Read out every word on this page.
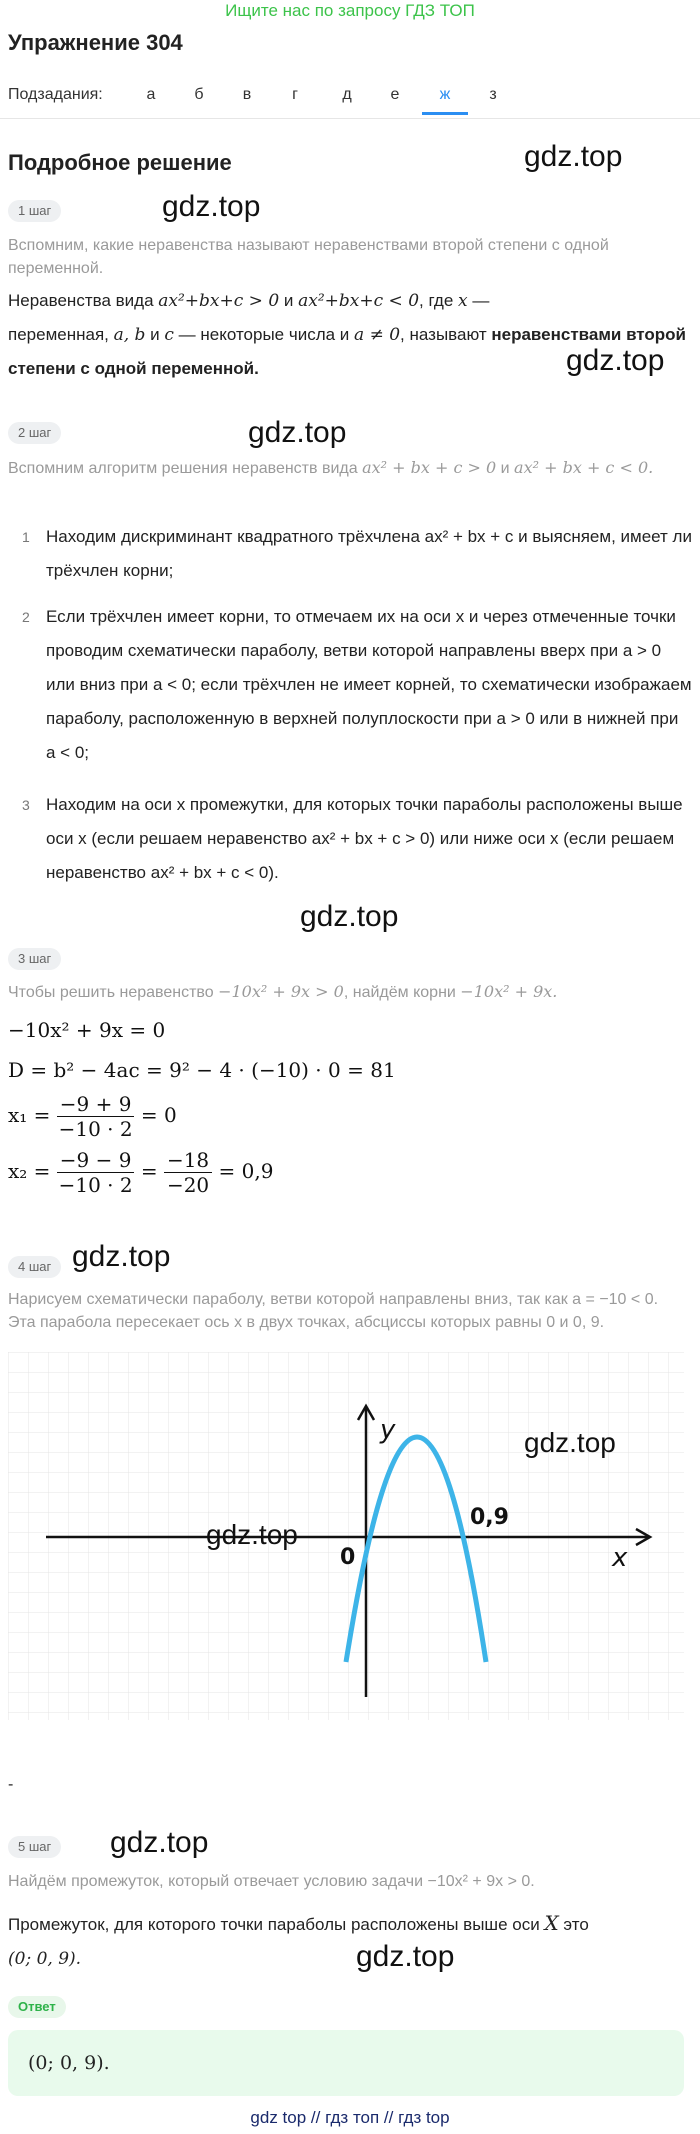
Ищите нас по запросу ГДЗ ТОП
Упражнение 304
Подзадания:	а	б	в	г	д	е	ж	з
Подробное решение	gdz.top
1 шаг	gdz.top
Вспомним, какие неравенства называют неравенствами второй степени с одной переменной.
Неравенства вида ax²+bx+c > 0 и ax²+bx+c < 0, где x —
переменная, a, b и c — некоторые числа и a ≠ 0, называют неравенствами второй степени с одной переменной.	gdz.top
2 шаг	gdz.top
Вспомним алгоритм решения неравенств вида ax² + bx + c > 0 и ax² + bx + c < 0.
1 Находим дискриминант квадратного трёхчлена ax² + bx + c и выясняем, имеет ли трёхчлен корни;
2 Если трёхчлен имеет корни, то отмечаем их на оси x и через отмеченные точки проводим схематически параболу, ветви которой направлены вверх при a > 0 или вниз при a < 0; если трёхчлен не имеет корней, то схематически изображаем параболу, расположенную в верхней полуплоскости при a > 0 или в нижней при a < 0;
3 Находим на оси x промежутки, для которых точки параболы расположены выше оси x (если решаем неравенство ax² + bx + c > 0) или ниже оси x (если решаем неравенство ax² + bx + c < 0).
gdz.top
3 шаг
Чтобы решить неравенство −10x² + 9x > 0, найдём корни −10x² + 9x.
−10x² + 9x = 0
D = b² − 4ac = 9² − 4 · (−10) · 0 = 81
$x_1 = \frac{-9 + 9}{-10 \cdot 2} = 0$
$x_2 = \frac{-9 - 9}{-10 \cdot 2} = \frac{-18}{-20} = 0,9$
4 шаг gdz.top
Нарисуем схематически параболу, ветви которой направлены вниз, так как a = −10 < 0. Эта парабола пересекает ось x в двух точках, абсциссы которых равны 0 и 0, 9.
y
x
0
0,9
gdz.top
gdz.top
-
5 шаг	gdz.top
Найдём промежуток, который отвечает условию задачи −10x² + 9x > 0.
Промежуток, для которого точки параболы расположены выше оси X это
(0; 0, 9).	gdz.top
Ответ
(0; 0, 9).
gdz top // гдз топ // гдз top
